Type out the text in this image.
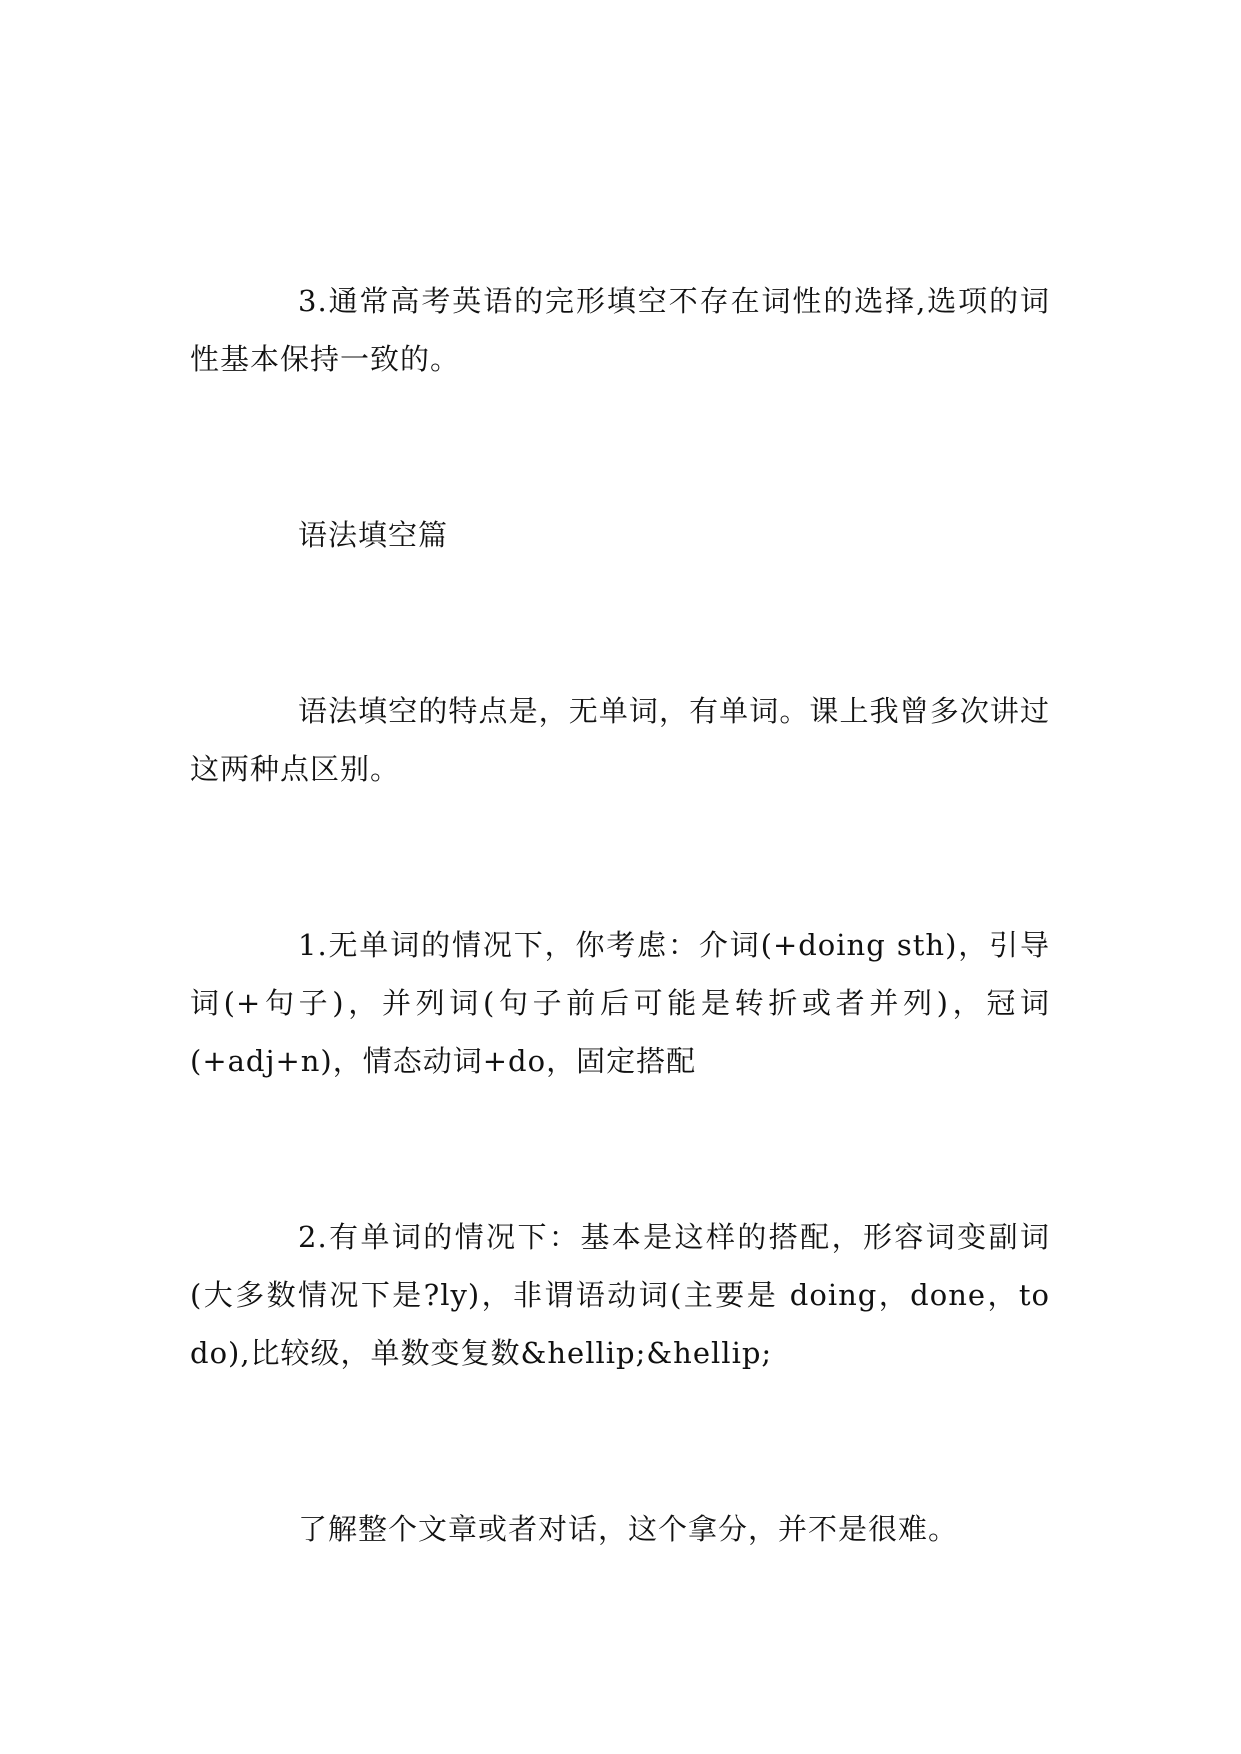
3.通常高考英语的完形填空不存在词性的选择,选项的词性基本保持一致的。

语法填空篇

语法填空的特点是，无单词，有单词。课上我曾多次讲过这两种点区别。

1.无单词的情况下，你考虑：介词(+doing sth)，引导词(+句子)，并列词(句子前后可能是转折或者并列)，冠词(+adj+n)，情态动词+do，固定搭配

2.有单词的情况下：基本是这样的搭配，形容词变副词(大多数情况下是?ly)，非谓语动词(主要是 doing，done，to do),比较级，单数变复数&hellip;&hellip;

了解整个文章或者对话，这个拿分，并不是很难。
